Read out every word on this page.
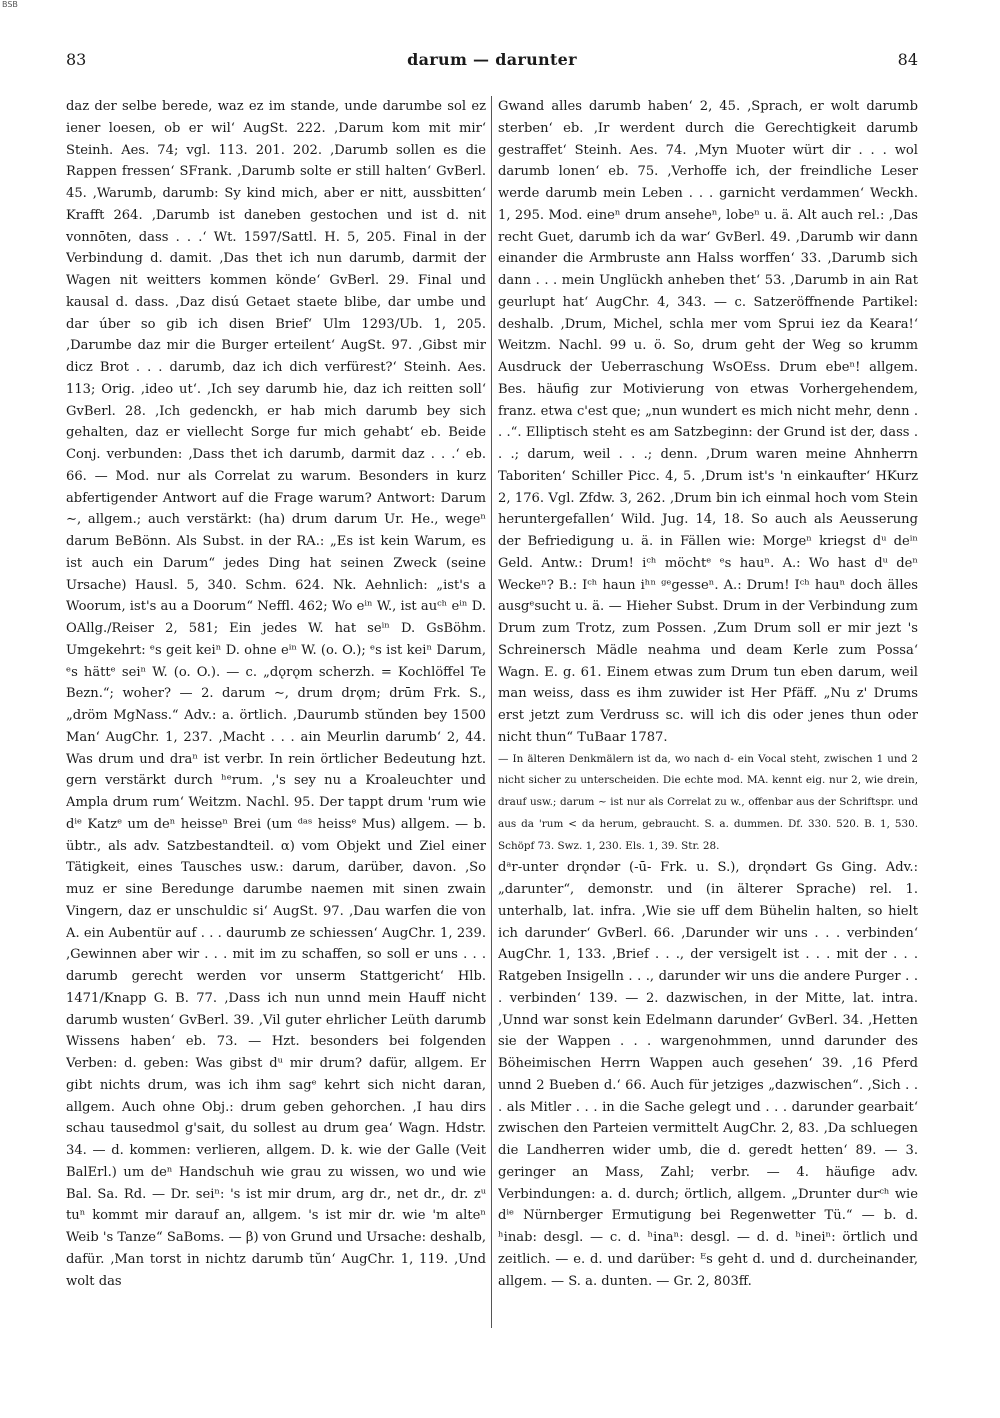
BSB
83	darum — darunter	84

daz der selbe berede, waz ez im stande, unde darumbe sol ez iener loesen, ob er wil‘ AugSt. 222. ‚Darum kom mit mir‘ Steinh. Aes. 74; vgl. 113. 201. 202. ‚Darumb sollen es die Rappen fressen‘ SFrank. ‚Darumb solte er still halten‘ GvBerl. 45. ‚Warumb, darumb: Sy kind mich, aber er nitt, aussbitten‘ Krafft 264. ‚Darumb ist daneben gestochen und ist d. nit vonnōten, dass . . .‘ Wt. 1597/Sattl. H. 5, 205. Final in der Verbindung d. damit. ‚Das thet ich nun darumb, darmit der Wagen nit weitters kommen könde‘ GvBerl. 29. Final und kausal d. dass. ‚Daz disú Getaet staete blibe, dar umbe und dar úber so gib ich disen Brief‘ Ulm 1293/Ub. 1, 205. ‚Darumbe daz mir die Burger erteilent‘ AugSt. 97. ‚Gibst mir dicz Brot . . . darumb, daz ich dich verfürest?‘ Steinh. Aes. 113; Orig. ‚ideo ut‘. ‚Ich sey darumb hie, daz ich reitten soll‘ GvBerl. 28. ‚Ich gedenckh, er hab mich darumb bey sich gehalten, daz er viellecht Sorge fur mich gehabt‘ eb. Beide Conj. verbunden: ‚Dass thet ich darumb, darmit daz . . .‘ eb. 66. — Mod. nur als Correlat zu warum. Besonders in kurz abfertigender Antwort auf die Frage warum? Antwort: Darum ∼, allgem.; auch verstärkt: (ha) drum darum Ur. He., wegeⁿ darum BeBönn. Als Subst. in der RA.: „Es ist kein Warum, es ist auch ein Darum“ jedes Ding hat seinen Zweck (seine Ursache) Hausl. 5, 340. Schm. 624. Nk. Aehnlich: „ist's a Woorum, ist's au a Doorum“ Neffl. 462; Wo eⁱⁿ W., ist auᶜʰ eⁱⁿ D. OAllg./Reiser 2, 581; Ein jedes W. hat seⁱⁿ D. GsBöhm. Umgekehrt: ᵉs geit keiⁿ D. ohne eⁱⁿ W. (o. O.); ᵉs ist keiⁿ Darum, ᵉs hättᵉ seiⁿ W. (o. O.). — c. „dǫrǫm scherzh. = Kochlöffel Te Bezn.“; woher? — 2. darum ∼, drum drǫm; drūm Frk. S., „dröm MgNass.“ Adv.: a. örtlich. ‚Daurumb stŭnden bey 1500 Man‘ AugChr. 1, 237. ‚Macht . . . ain Meurlin darumb‘ 2, 44. Was drum und draⁿ ist verbr. In rein örtlicher Bedeutung hzt. gern verstärkt durch ʰᵉrum. ‚'s sey nu a Kroaleuchter und Ampla drum rum‘ Weitzm. Nachl. 95. Der tappt drum 'rum wie dⁱᵉ Katzᵉ um deⁿ heisseⁿ Brei (um ᵈᵃˢ heissᵉ Mus) allgem. — b. übtr., als adv. Satzbestandteil. α) vom Objekt und Ziel einer Tätigkeit, eines Tausches usw.: darum, darüber, davon. ‚So muz er sine Beredunge darumbe naemen mit sinen zwain Vingern, daz er unschuldic si‘ AugSt. 97. ‚Dau warfen die von A. ein Aubentür auf . . . daurumb ze schiessen‘ AugChr. 1, 239. ‚Gewinnen aber wir . . . mit im zu schaffen, so soll er uns . . . darumb gerecht werden vor unserm Stattgericht‘ Hlb. 1471/Knapp G. B. 77. ‚Dass ich nun unnd mein Hauff nicht darumb wusten‘ GvBerl. 39. ‚Vil guter ehrlicher Leüth darumb Wissens haben‘ eb. 73. — Hzt. besonders bei folgenden Verben: d. geben: Was gibst dᵘ mir drum? dafür, allgem. Er gibt nichts drum, was ich ihm sagᵉ kehrt sich nicht daran, allgem. Auch ohne Obj.: drum geben gehorchen. ‚I hau dirs schau tausedmol g'sait, du sollest au drum gea‘ Wagn. Hdstr. 34. — d. kommen: verlieren, allgem. D. k. wie der Galle (Veit BalErl.) um deⁿ Handschuh wie grau zu wissen, wo und wie Bal. Sa. Rd. — Dr. seiⁿ: 's ist mir drum, arg dr., net dr., dr. zᵘ tuⁿ kommt mir darauf an, allgem. 's ist mir dr. wie 'm alteⁿ Weib 's Tanze“ SaBoms. — β) von Grund und Ursache: deshalb, dafür. ‚Man torst in nichtz darumb tŭn‘ AugChr. 1, 119. ‚Und wolt das

Gwand alles darumb haben‘ 2, 45. ‚Sprach, er wolt darumb sterben‘ eb. ‚Ir werdent durch die Gerechtigkeit darumb gestraffet‘ Steinh. Aes. 74. ‚Myn Muoter würt dir . . . wol darumb lonen‘ eb. 75. ‚Verhoffe ich, der freindliche Leser werde darumb mein Leben . . . garnicht verdammen‘ Weckh. 1, 295. Mod. eineⁿ drum anseheⁿ, lobeⁿ u. ä. Alt auch rel.: ‚Das recht Guet, darumb ich da war‘ GvBerl. 49. ‚Darumb wir dann einander die Armbruste ann Halss worffen‘ 33. ‚Darumb sich dann . . . mein Unglückh anheben thet‘ 53. ‚Darumb in ain Rat geurlupt hat‘ AugChr. 4, 343. — c. Satzeröffnende Partikel: deshalb. ‚Drum, Michel, schla mer vom Sprui iez da Keara!‘ Weitzm. Nachl. 99 u. ö. So, drum geht der Weg so krumm Ausdruck der Ueberraschung WsOEss. Drum ebeⁿ! allgem. Bes. häufig zur Motivierung von etwas Vorhergehendem, franz. etwa c'est que; „nun wundert es mich nicht mehr, denn . . .“. Elliptisch steht es am Satzbeginn: der Grund ist der, dass . . .; darum, weil . . .; denn. ‚Drum waren meine Ahnherrn Taboriten‘ Schiller Picc. 4, 5. ‚Drum ist's 'n einkaufter‘ HKurz 2, 176. Vgl. Zfdw. 3, 262. ‚Drum bin ich einmal hoch vom Stein heruntergefallen‘ Wild. Jug. 14, 18. So auch als Aeusserung der Befriedigung u. ä. in Fällen wie: Morgeⁿ kriegst dᵘ deⁱⁿ Geld. Antw.: Drum! iᶜʰ möchtᵉ ᵉs hauⁿ. A.: Wo hast dᵘ deⁿ Weckeⁿ? B.: Iᶜʰ haun iʰⁿ ᵍᵉgesseⁿ. A.: Drum! Iᶜʰ hauⁿ doch älles ausgᵉsucht u. ä. — Hieher Subst. Drum in der Verbindung zum Drum zum Trotz, zum Possen. ‚Zum Drum soll er mir jezt 's Schreinersch Mädle neahma und deam Kerle zum Possa‘ Wagn. E. g. 61. Einem etwas zum Drum tun eben darum, weil man weiss, dass es ihm zuwider ist Her Pfäff. „Nu z' Drums erst jetzt zum Verdruss sc. will ich dis oder jenes thun oder nicht thun“ TuBaar 1787.

— In älteren Denkmälern ist da, wo nach d- ein Vocal steht, zwischen 1 und 2 nicht sicher zu unterscheiden. Die echte mod. MA. kennt eig. nur 2, wie drein, drauf usw.; darum ∼ ist nur als Correlat zu w., offenbar aus der Schriftspr. und aus da 'rum < da herum, gebraucht. S. a. dummen. Df. 330. 520. B. 1, 530. Schöpf 73. Swz. 1, 230. Els. 1, 39. Str. 28.

dᵃr-unter drǫndər (-ū- Frk. u. S.), drǫndərt Gs Ging. Adv.: „darunter“, demonstr. und (in älterer Sprache) rel. 1. unterhalb, lat. infra. ‚Wie sie uff dem Bühelin halten, so hielt ich darunder‘ GvBerl. 66. ‚Darunder wir uns . . . verbinden‘ AugChr. 1, 133. ‚Brief . . ., der versigelt ist . . . mit der . . . Ratgeben Insigelln . . ., darunder wir uns die andere Purger . . . verbinden‘ 139. — 2. dazwischen, in der Mitte, lat. intra. ‚Unnd war sonst kein Edelmann darunder‘ GvBerl. 34. ‚Hetten sie der Wappen . . . wargenohmmen, unnd darunder des Böheimischen Herrn Wappen auch gesehen‘ 39. ‚16 Pferd unnd 2 Bueben d.‘ 66. Auch für jetziges „dazwischen“. ‚Sich . . . als Mitler . . . in die Sache gelegt und . . . darunder gearbait‘ zwischen den Parteien vermittelt AugChr. 2, 83. ‚Da schluegen die Landherren wider umb, die d. geredt hetten‘ 89. — 3. geringer an Mass, Zahl; verbr. — 4. häufige adv. Verbindungen: a. d. durch; örtlich, allgem. „Drunter durᶜʰ wie dⁱᵉ Nürnberger Ermutigung bei Regenwetter Tü.“ — b. d. ʰinab: desgl. — c. d. ʰinaⁿ: desgl. — d. d. ʰineiⁿ: örtlich und zeitlich. — e. d. und darüber: ᴱs geht d. und d. durcheinander, allgem. — S. a. dunten. — Gr. 2, 803ff.
